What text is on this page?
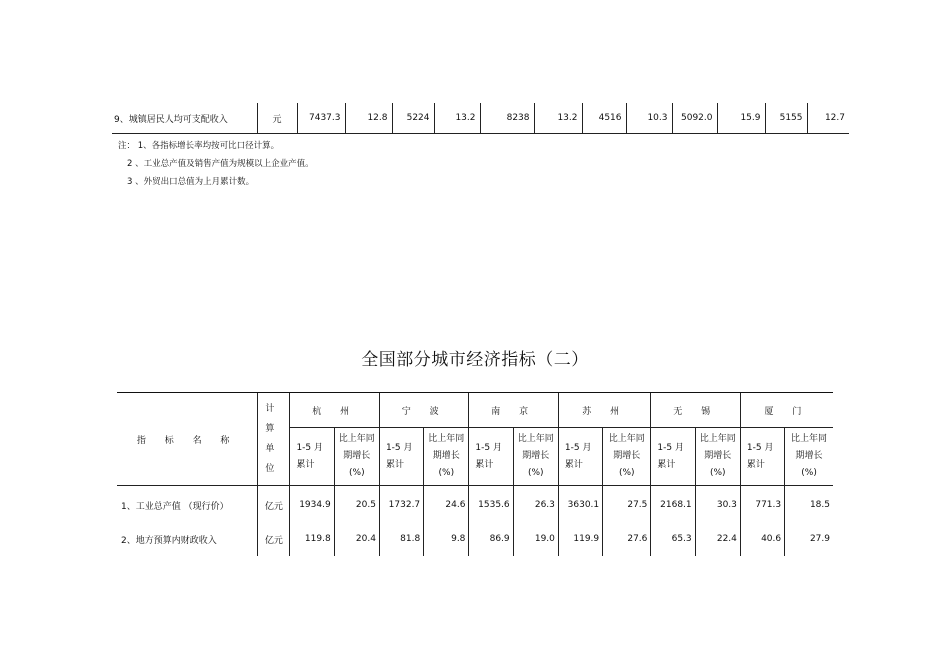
9、城镇居民人均可支配收入	元	7437.3	12.8	5224	13.2	8238	13.2	4516	10.3	5092.0	15.9	5155	12.7
注： 1、各指标增长率均按可比口径计算。
2 、工业总产值及销售产值为规模以上企业产值。
3 、外贸出口总值为上月累计数。
全国部分城市经济指标（二）
指 标 名 称	计算单位	杭 州		宁 波		南 京		苏 州		无 锡		厦 门	
		1-5 月累计	比上年同期增长(%)	1-5 月累计	比上年同期增长(%)	1-5 月累计	比上年同期增长(%)	1-5 月累计	比上年同期增长(%)	1-5 月累计	比上年同期增长(%)	1-5 月累计	比上年同期增长(%)
1、工业总产值 （现行价）	亿元	1934.9	20.5	1732.7	24.6	1535.6	26.3	3630.1	27.5	2168.1	30.3	771.3	18.5
2、地方预算内财政收入	亿元	119.8	20.4	81.8	9.8	86.9	19.0	119.9	27.6	65.3	22.4	40.6	27.9
